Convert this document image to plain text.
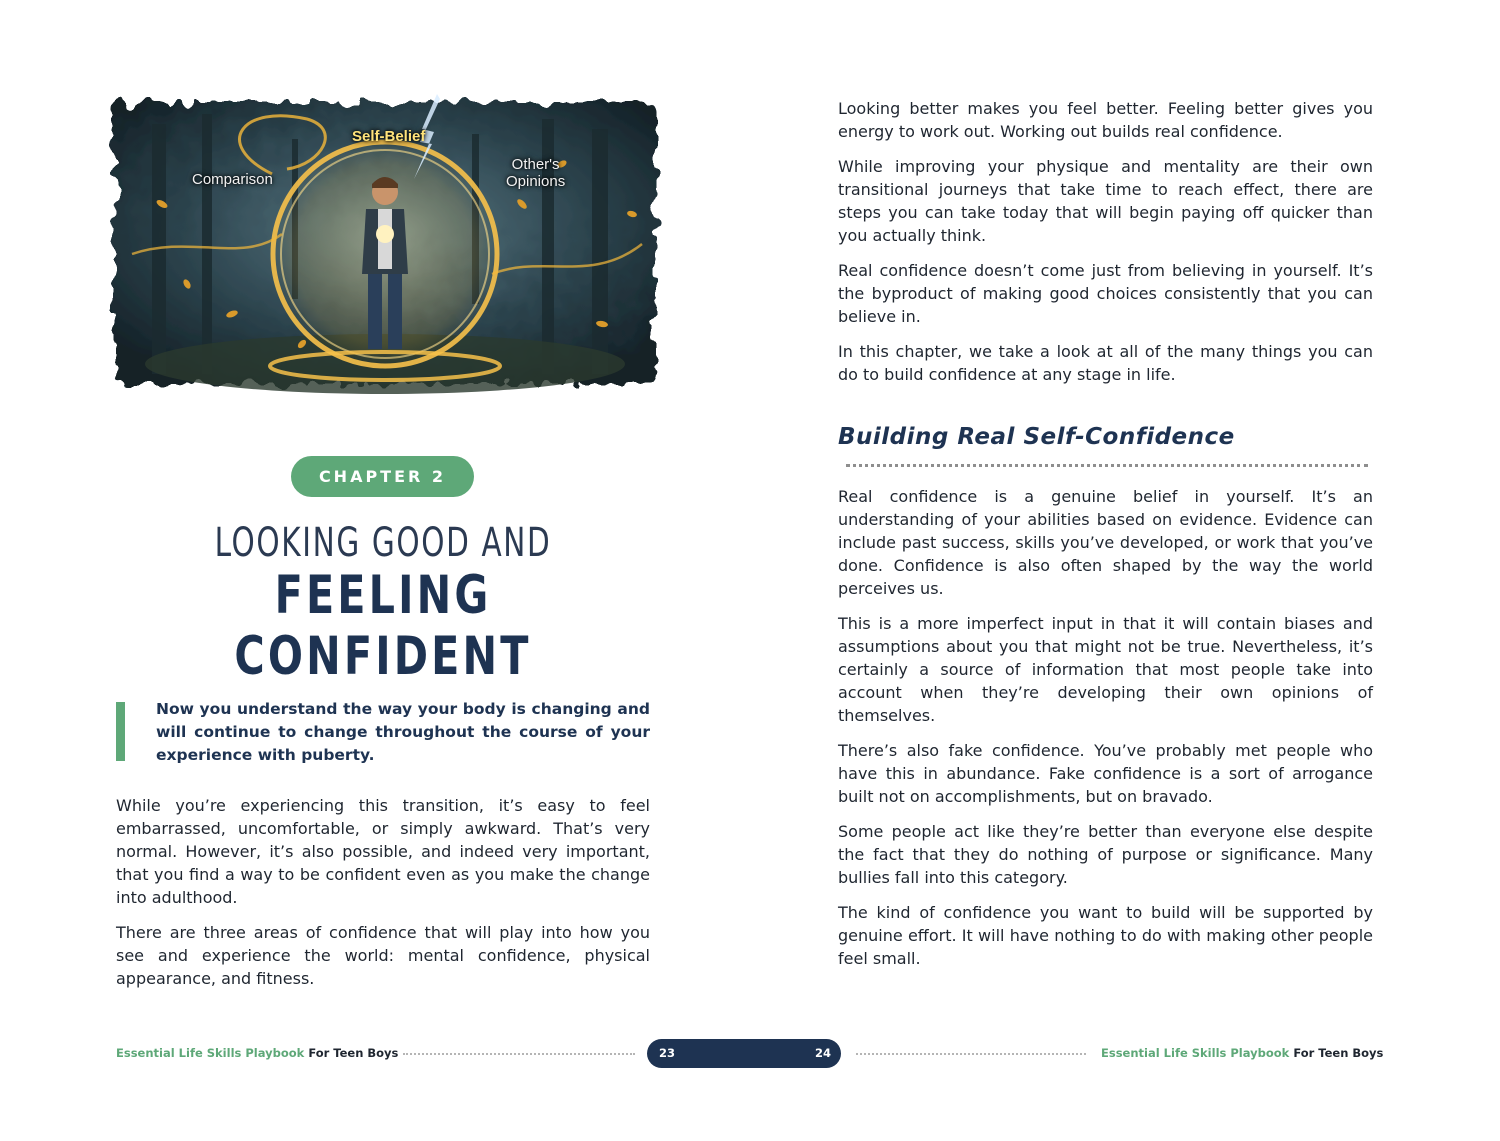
Self-Belief
Comparison
Other's
Opinions
CHAPTER 2
LOOKING GOOD AND
FEELING CONFIDENT
Now you understand the way your body is changing and will continue to change throughout the course of your experience with puberty.

While you’re experiencing this transition, it’s easy to feel embarrassed, uncomfortable, or simply awkward. That’s very normal. However, it’s also possible, and indeed very important, that you find a way to be confident even as you make the change into adulthood.

There are three areas of confidence that will play into how you see and experience the world: mental confidence, physical appearance, and fitness.

Essential Life Skills Playbook For Teen Boys	23	24

Looking better makes you feel better. Feeling better gives you energy to work out. Working out builds real confidence.

While improving your physique and mentality are their own transitional journeys that take time to reach effect, there are steps you can take today that will begin paying off quicker than you actually think.

Real confidence doesn’t come just from believing in yourself. It’s the byproduct of making good choices consistently that you can believe in.

In this chapter, we take a look at all of the many things you can do to build confidence at any stage in life.

Building Real Self-Confidence

Real confidence is a genuine belief in yourself. It’s an understanding of your abilities based on evidence. Evidence can include past success, skills you’ve developed, or work that you’ve done. Confidence is also often shaped by the way the world perceives us.

This is a more imperfect input in that it will contain biases and assumptions about you that might not be true. Nevertheless, it’s certainly a source of information that most people take into account when they’re developing their own opinions of themselves.

There’s also fake confidence. You’ve probably met people who have this in abundance. Fake confidence is a sort of arrogance built not on accomplishments, but on bravado.

Some people act like they’re better than everyone else despite the fact that they do nothing of purpose or significance. Many bullies fall into this category.

The kind of confidence you want to build will be supported by genuine effort. It will have nothing to do with making other people feel small.

Essential Life Skills Playbook For Teen Boys
